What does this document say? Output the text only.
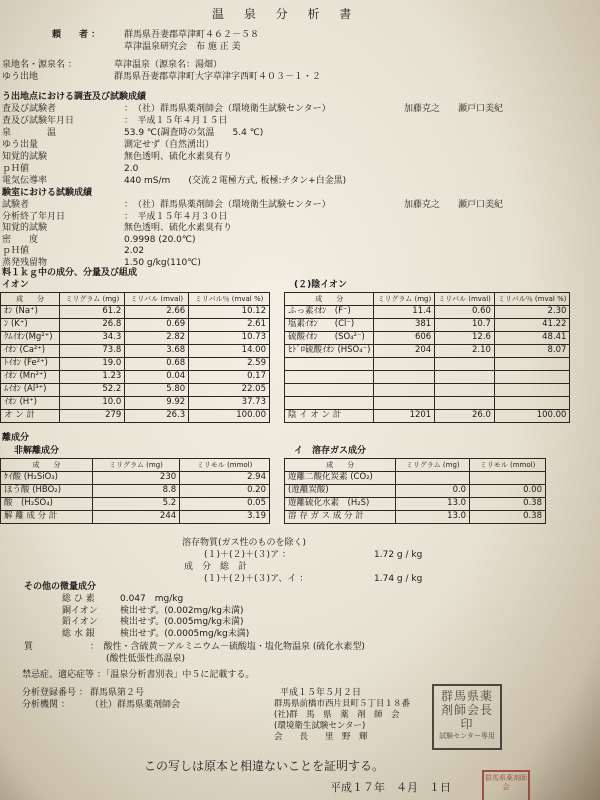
温 泉 分 析 書
頼　　者 ：	群馬県吾妻郡草津町４６２－５８
草津温泉研究会　布 施 正 美
泉地名・源泉名 ：	草津温泉（源泉名：湯畑）
ゆう出地	群馬県吾妻郡草津町大字草津字西町４０３－１・２
う出地点における調査及び試験成績
査及び試験者	：　（社）群馬県薬剤師会（環境衛生試験センター）	加藤克之　　瀬戸口美紀
査及び試験年月日	：　平成１５年４月１５日
泉　　　　温	53.9 ℃(調査時の気温　　5.4 ℃)
ゆう出量	測定せず（自然湧出）
知覚的試験	無色透明、硫化水素臭有り
ｐＨ値	2.0
電気伝導率	440 mS/m　　(交流２電極方式, 板極:チタン+白金黒)
験室における試験成績
試験者	：　（社）群馬県薬剤師会（環境衛生試験センター）	加藤克之　　瀬戸口美紀
分析終了年月日	：　平成１５年４月３０日
知覚的試験	無色透明、硫化水素臭有り
密　　度	0.9998 (20.0℃)
ｐＨ値	2.02
蒸発残留物	1.50 g/kg(110℃)
料１ｋｇ中の成分、分量及び組成
イオン	(２)陰イオン
成　　分	ミリグラム (mg)	ミリバル (mval)	ミリバル％ (mval %)
ｵﾝ (Na⁺)	61.2	2.66	10.12
ﾝ (K⁺)	26.8	0.69	2.61
ｸﾑｲｵﾝ(Mg²⁺)	34.3	2.82	10.73
ｲｵﾝ (Ca²⁺)	73.8	3.68	14.00
ﾄｲｵﾝ (Fe²⁺)	19.0	0.68	2.59
ｲｵﾝ (Mn²⁺)	1.23	0.04	0.17
ﾑｲｵﾝ (Al³⁺)	52.2	5.80	22.05
ｲｵﾝ (H⁺)	10.0	9.92	37.73
オ ン 計	279	26.3	100.00
成　　分	ミリグラム (mg)	ミリバル (mval)	ミリバル％ (mval %)
ふっ素ｲｵﾝ　(F⁻)	11.4	0.60	2.30
塩素ｲｵﾝ　　(Cl⁻)	381	10.7	41.22
硫酸ｲｵﾝ　　(SO₄²⁻)	606	12.6	48.41
ﾋﾄﾞﾛ硫酸ｲｵﾝ (HSO₄⁻)	204	2.10	8.07

陰 イ オ ン 計	1201	26.0	100.00
離成分
非解離成分	イ　溶存ガス成分
成　　分	ミリグラム (mg)	ミリモル (mmol)
ｹｲ酸 (H₂SiO₃)	230	2.94
ほう酸 (HBO₂)	8.8	0.20
酸　(H₂SO₄)	5.2	0.05
解 離 成 分 計	244	3.19
成　　分	ミリグラム (mg)	ミリモル (mmol)
遊離二酸化炭素 (CO₂)		
(遊離炭酸)	0.0	0.00
遊離硫化水素　(H₂S)	13.0	0.38
溶 存 ガ ス 成 分 計	13.0	0.38
溶存物質(ガス性のものを除く)
(１)＋(２)＋(３)ア ：	1.72 g / kg
成　分　総　計
(１)＋(２)＋(３)ア、イ ：	1.74 g / kg
その他の微量成分
総 ひ 素	0.047　mg/kg
銅イオン 検出せず。(0.002mg/kg未満)
鉛イオン 検出せず。(0.005mg/kg未満)
総 水 銀	検出せず。(0.0005mg/kg未満)
質	：　酸性・含硫黄－アルミニウム－硫酸塩・塩化物温泉 (硫化水素型)
(酸性低張性高温泉)
禁忌症、適応症等 ：「温泉分析書別表」中５に記載する。
分析登録番号 ： 群馬県第２号
分析機関 ： （社）群馬県薬剤師会
平成１５年５月２日
群馬県前橋市西片貝町５丁目１８番
(社)群　馬　県　薬　剤　師　会
(環境衛生試験センター)
会　　長　　里　野　輝
群馬県薬剤師会長印
試験センター専用
この写しは原本と相違ないことを証明する。
平成１７年　４月　１日
群馬県薬剤師会
